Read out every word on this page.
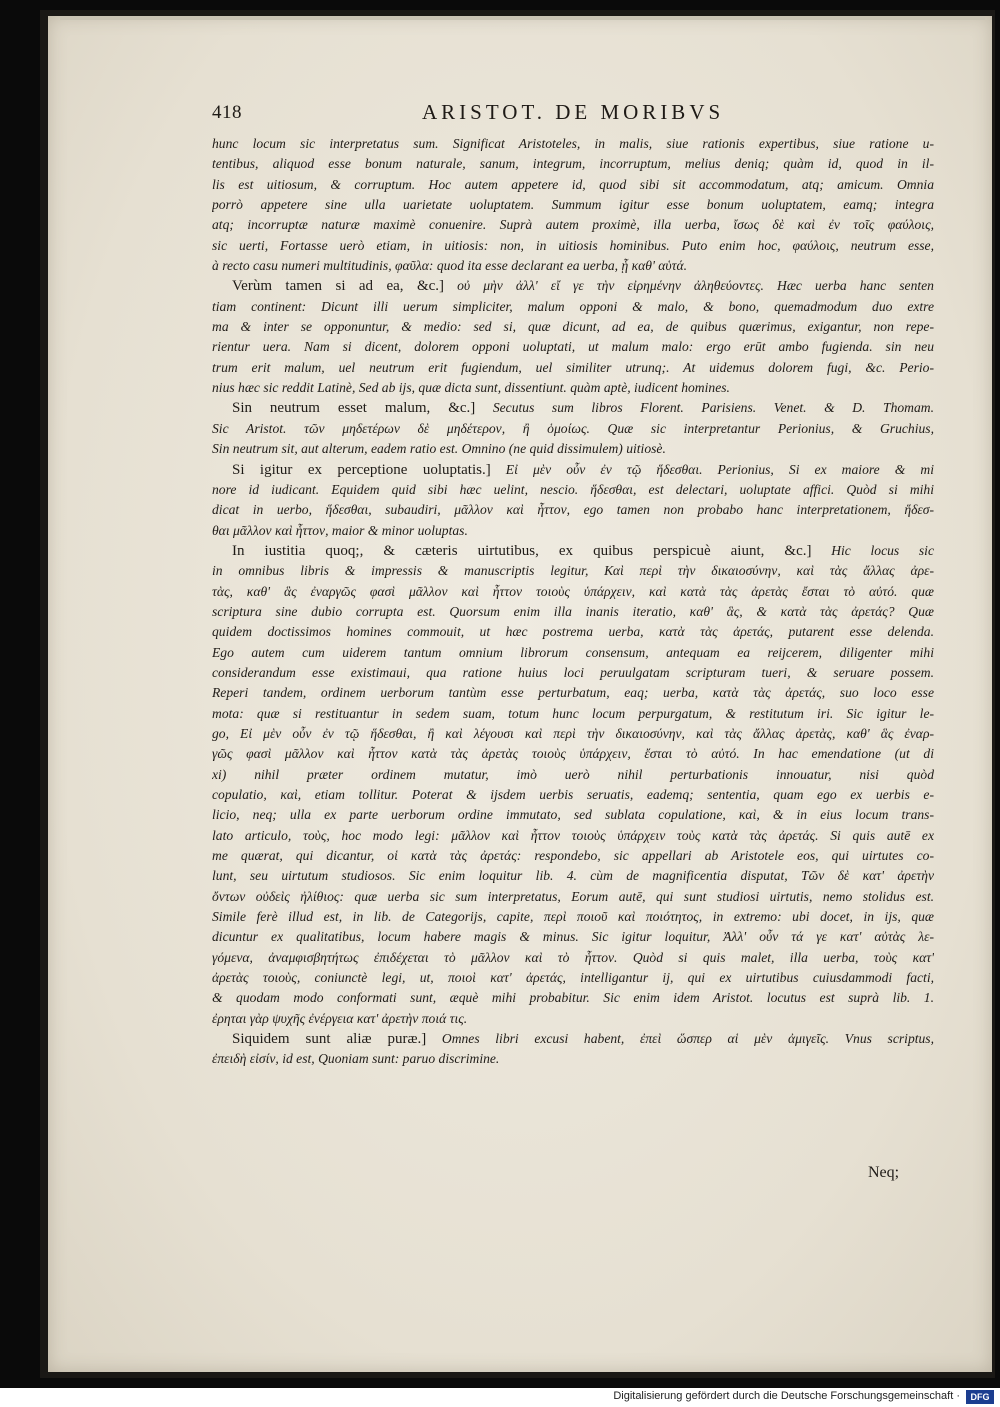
418	ARISTOT. DE MORIBVS
hunc locum sic interpretatus sum. Significat Aristoteles, in malis, siue rationis expertibus, siue ratione u-
tentibus, aliquod esse bonum naturale, sanum, integrum, incorruptum, melius deniq; quàm id, quod in il-
lis est uitiosum, & corruptum. Hoc autem appetere id, quod sibi sit accommodatum, atq; amicum. Omnia
porrò appetere sine ulla uarietate uoluptatem. Summum igitur esse bonum uoluptatem, eamq; integra
atq; incorruptæ naturæ maximè conuenire. Suprà autem proximè, illa uerba, ἴσως δὲ καὶ ἐν τοῖς φαύλοις,
sic uerti, Fortasse uerò etiam, in uitiosis: non, in uitiosis hominibus. Puto enim hoc, φαύλοις, neutrum esse,
à recto casu numeri multitudinis, φαῦλα: quod ita esse declarant ea uerba, ᾗ καθ' αὑτά.
Verùm tamen si ad ea, &c.] οὐ μὴν ἀλλ' εἴ γε τὴν εἰρημένην ἀληθεύοντες. Hæc uerba hanc senten
tiam continent: Dicunt illi uerum simpliciter, malum opponi & malo, & bono, quemadmodum duo extre
ma & inter se opponuntur, & medio: sed si, quæ dicunt, ad ea, de quibus quærimus, exigantur, non repe-
rientur uera. Nam si dicent, dolorem opponi uoluptati, ut malum malo: ergo erūt ambo fugienda. sin neu
trum erit malum, uel neutrum erit fugiendum, uel similiter utrunq;. At uidemus dolorem fugi, &c. Perio-
nius hæc sic reddit Latinè, Sed ab ijs, quæ dicta sunt, dissentiunt. quàm aptè, iudicent homines.
Sin neutrum esset malum, &c.] Secutus sum libros Florent. Parisiens. Venet. & D. Thomam.
Sic Aristot. τῶν μηδετέρων δὲ μηδέτερον, ἢ ὁμοίως. Quæ sic interpretantur Perionius, & Gruchius,
Sin neutrum sit, aut alterum, eadem ratio est. Omnino (ne quid dissimulem) uitiosè.
Si igitur ex perceptione uoluptatis.] Εἰ μὲν οὖν ἐν τῷ ἥδεσθαι. Perionius, Si ex maiore & mi
nore id iudicant. Equidem quid sibi hæc uelint, nescio. ἥδεσθαι, est delectari, uoluptate affici. Quòd si mihi
dicat in uerbo, ἥδεσθαι, subaudiri, μᾶλλον καὶ ἧττον, ego tamen non probabo hanc interpretationem, ἥδεσ-
θαι μᾶλλον καὶ ἧττον, maior & minor uoluptas.
In iustitia quoq;, & cæteris uirtutibus, ex quibus perspicuè aiunt, &c.] Hic locus sic
in omnibus libris & impressis & manuscriptis legitur, Καὶ περὶ τὴν δικαιοσύνην, καὶ τὰς ἄλλας ἀρε-
τὰς, καθ' ἃς ἐναργῶς φασὶ μᾶλλον καὶ ἧττον τοιοὺς ὑπάρχειν, καὶ κατὰ τὰς ἀρετὰς ἔσται τὸ αὐτό. quæ
scriptura sine dubio corrupta est. Quorsum enim illa inanis iteratio, καθ' ἃς, & κατὰ τὰς ἀρετάς? Quæ
quidem doctissimos homines commouit, ut hæc postrema uerba, κατὰ τὰς ἀρετάς, putarent esse delenda.
Ego autem cum uiderem tantum omnium librorum consensum, antequam ea reijcerem, diligenter mihi
considerandum esse existimaui, qua ratione huius loci peruulgatam scripturam tueri, & seruare possem.
Reperi tandem, ordinem uerborum tantùm esse perturbatum, eaq; uerba, κατὰ τὰς ἀρετάς, suo loco esse
mota: quæ si restituantur in sedem suam, totum hunc locum perpurgatum, & restitutum iri. Sic igitur le-
go, Εἰ μὲν οὖν ἐν τῷ ἥδεσθαι, ἢ καὶ λέγουσι καὶ περὶ τὴν δικαιοσύνην, καὶ τὰς ἄλλας ἀρετὰς, καθ' ἃς ἐναρ-
γῶς φασὶ μᾶλλον καὶ ἧττον κατὰ τὰς ἀρετὰς τοιοὺς ὑπάρχειν, ἔσται τὸ αὐτό. In hac emendatione (ut di
xi) nihil præter ordinem mutatur, imò uerò nihil perturbationis innouatur, nisi quòd
copulatio, καὶ, etiam tollitur. Poterat & ijsdem uerbis seruatis, eademq; sententia, quam ego ex uerbis e-
licio, neq; ulla ex parte uerborum ordine immutato, sed sublata copulatione, καὶ, & in eius locum trans-
lato articulo, τοὺς, hoc modo legi: μᾶλλον καὶ ἧττον τοιοὺς ὑπάρχειν τοὺς κατὰ τὰς ἀρετάς. Si quis autē ex
me quærat, qui dicantur, οἱ κατὰ τὰς ἀρετάς: respondebo, sic appellari ab Aristotele eos, qui uirtutes co-
lunt, seu uirtutum studiosos. Sic enim loquitur lib. 4. cùm de magnificentia disputat, Τῶν δὲ κατ' ἀρετὴν
ὄντων οὐδεὶς ἠλίθιος: quæ uerba sic sum interpretatus, Eorum autē, qui sunt studiosi uirtutis, nemo stolidus est.
Simile ferè illud est, in lib. de Categorijs, capite, περὶ ποιοῦ καὶ ποιότητος, in extremo: ubi docet, in ijs, quæ
dicuntur ex qualitatibus, locum habere magis & minus. Sic igitur loquitur, Ἀλλ' οὖν τά γε κατ' αὐτὰς λε-
γόμενα, ἀναμφισβητήτως ἐπιδέχεται τὸ μᾶλλον καὶ τὸ ἧττον. Quòd si quis malet, illa uerba, τοὺς κατ'
ἀρετὰς τοιοὺς, coniunctè legi, ut, ποιοὶ κατ' ἀρετάς, intelligantur ij, qui ex uirtutibus cuiusdammodi facti,
& quodam modo conformati sunt, æquè mihi probabitur. Sic enim idem Aristot. locutus est suprà lib. 1.
ἐρηται γὰρ ψυχῆς ἐνέργεια κατ' ἀρετὴν ποιά τις.
Siquidem sunt aliæ puræ.] Omnes libri excusi habent, ἐπεὶ ὥσπερ αἱ μὲν ἀμιγεῖς. Vnus scriptus,
ἐπειδὴ εἰσίν, id est, Quoniam sunt: paruo discrimine.
Neq;
Digitalisierung gefördert durch die Deutsche Forschungsgemeinschaft ·	DFG
